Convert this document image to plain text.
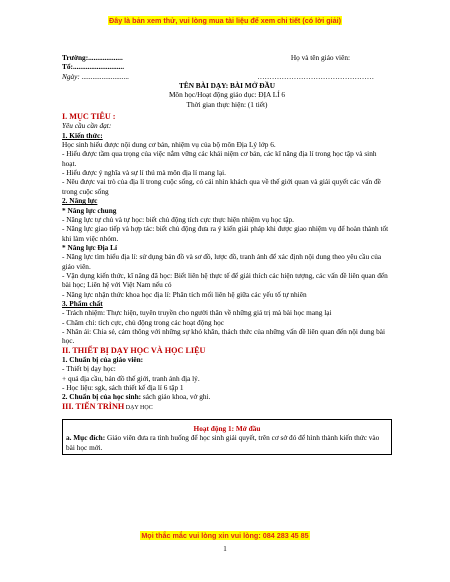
Đây là bản xem thử, vui lòng mua tài liệu để xem chi tiết (có lời giải)
Trường:...................	Họ và tên giáo viên:
Tổ:............................
Ngày: ..........................	…………………………………………
TÊN BÀI DẠY: BÀI MỞ ĐẦU
Môn học/Hoạt động giáo dục: ĐỊA LÍ 6
Thời gian thực hiện: (1 tiết)
I. MỤC TIÊU :
Yêu cầu cần đạt:
1. Kiến thức:
Học sinh hiểu được nội dung cơ bản, nhiệm vụ của bộ môn Địa Lý lớp 6.
- Hiểu được tầm qua trọng của việc nắm vững các khái niệm cơ bản, các kĩ năng địa lí trong học tập và sinh hoạt.
- Hiểu được ý nghĩa và sự lí thú mà môn địa lí mang lại.
- Nêu được vai trò của địa lí trong cuộc sống, có cái nhìn khách qua về thế giới quan và giải quyết các vấn đề trong cuộc sống
2. Năng lực
* Năng lực chung
- Năng lực tự chủ và tự học: biết chủ động tích cực thực hiện nhiệm vụ học tập.
- Năng lực giao tiếp và hợp tác: biết chủ động đưa ra ý kiến giải pháp khi được giao nhiệm vụ để hoàn thành tốt khi làm việc nhóm.
* Năng lực Địa Lí
- Năng lực tìm hiểu địa lí: sử dụng bản đồ và sơ đồ, lược đồ, tranh ảnh để xác định nội dung theo yêu cầu của giáo viên.
- Vận dụng kiến thức, kĩ năng đã học: Biết liên hệ thực tế để giải thích các hiện tượng, các vấn đề liên quan đến bài học; Liên hệ với Việt Nam nếu có
- Năng lực nhận thức khoa học địa lí: Phân tích mối liên hệ giữa các yếu tố tự nhiên
3. Phẩm chất
- Trách nhiệm: Thực hiện, tuyên truyền cho người thân về những giá trị mà bài học mang lại
- Chăm chỉ: tích cực, chủ động trong các hoạt động học
- Nhân ái: Chia sẻ, cảm thông với những sự khó khăn, thách thức của những vấn đề liên quan đến nội dung bài học.
II. THIẾT BỊ DẠY HỌC VÀ HỌC LIỆU
1. Chuẩn bị của giáo viên:
- Thiết bị dạy học:
+ quả địa cầu, bản đồ thế giới, tranh ảnh địa lý.
- Học liệu: sgk, sách thiết kế địa lí 6 tập 1
2. Chuẩn bị của học sinh: sách giáo khoa, vở ghi.
III. TIẾN TRÌNH DẠY HỌC
Hoạt động 1: Mở đầu
a. Mục đích: Giáo viên đưa ra tình huống để học sinh giải quyết, trên cơ sở đó để hình thành kiến thức vào bài học mới.
Mọi thắc mắc vui lòng xin vui lòng: 084 283 45 85
1
